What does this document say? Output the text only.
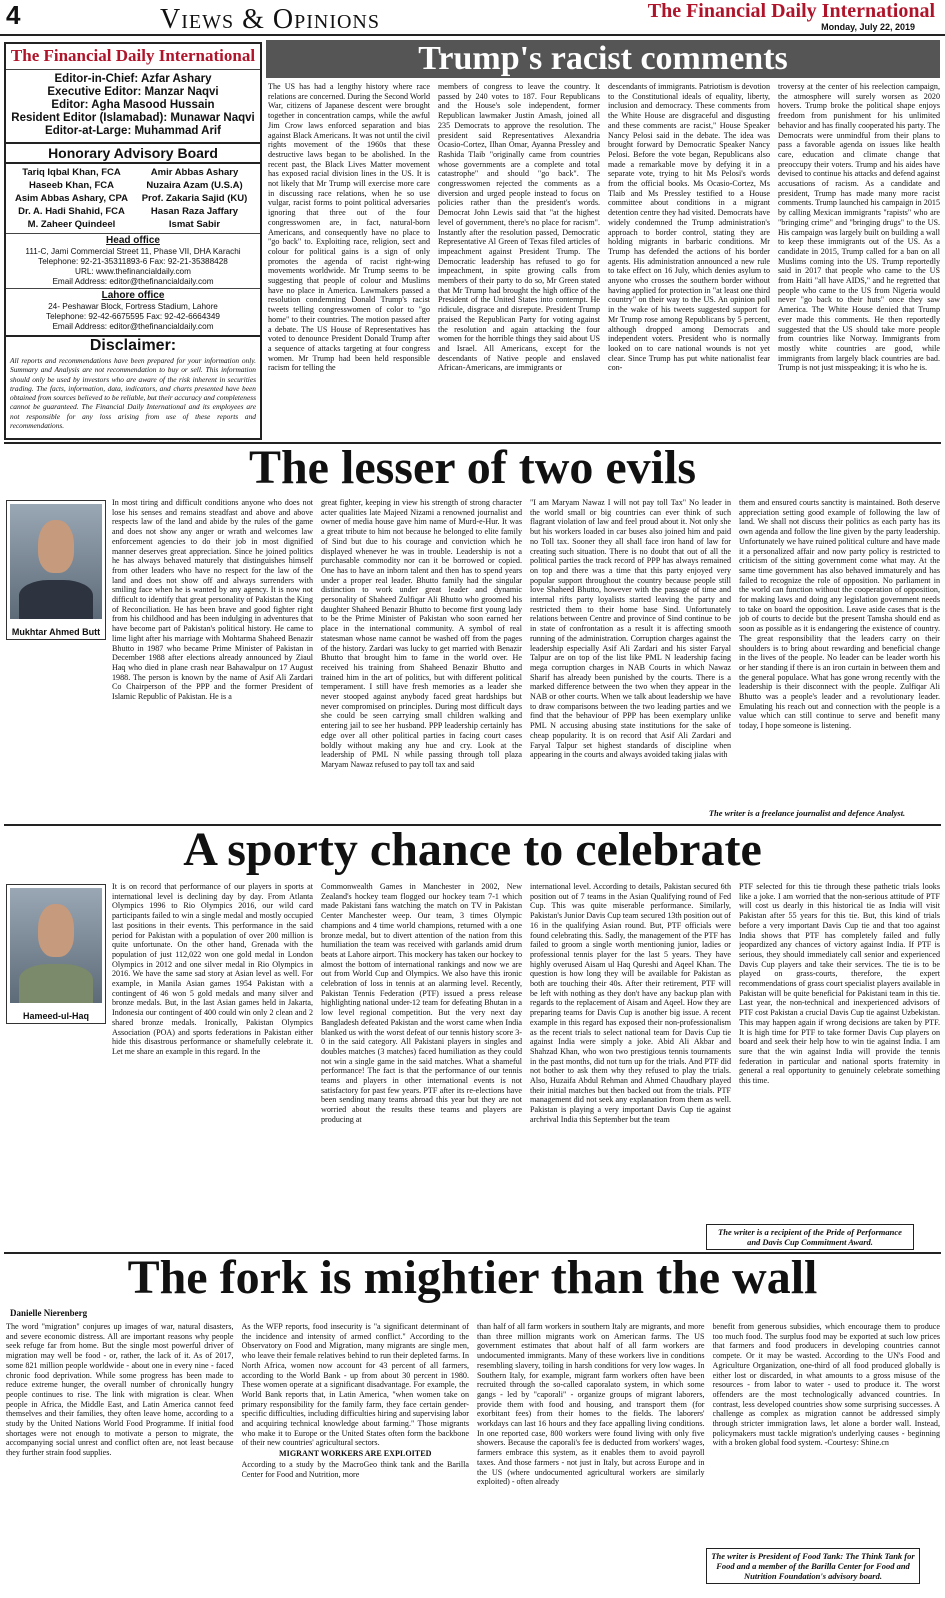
4	Views & Opinions	The Financial Daily International
Monday, July 22, 2019
The Financial Daily International
Editor-in-Chief: Azfar Ashary
Executive Editor: Manzar Naqvi
Editor: Agha Masood Hussain
Resident Editor (Islamabad): Munawar Naqvi
Editor-at-Large: Muhammad Arif
Honorary Advisory Board
Tariq Iqbal Khan, FCA	Amir Abbas Ashary
Haseeb Khan, FCA	Nuzaira Azam (U.S.A)
Asim Abbas Ashary, CPA	Prof. Zakaria Sajid (KU)
Dr. A. Hadi Shahid, FCA	Hasan Raza Jaffary
M. Zaheer Quindeel	Ismat Sabir
Head office
111-C, Jami Commercial Street 11, Phase VII, DHA Karachi
Telephone: 92-21-35311893-6 Fax: 92-21-35388428
URL: www.thefinancialdaily.com
Email Address: editor@thefinancialdaily.com
Lahore office
24- Peshawar Block, Fortress Stadium, Lahore
Telephone: 92-42-6675595 Fax: 92-42-6664349
Email Address: editor@thefinancialdaily.com
Disclaimer:
All reports and recommendations have been prepared for your information only. Summary and Analysis are not recommendation to buy or sell. This information should only be used by investors who are aware of the risk inherent in securities trading. The facts, information, data, indicators, and charts presented have been obtained from sources believed to be reliable, but their accuracy and completeness cannot be guaranteed. The Financial Daily International and its employees are not responsible for any loss arising from use of these reports and recommendations.
Trump's racist comments
The US has had a lengthy history where race relations are concerned. During the Second World War, citizens of Japanese descent were brought together in concentration camps, while the awful Jim Crow laws enforced separation and bias against Black Americans. It was not until the civil rights movement of the 1960s that these destructive laws began to be abolished. In the recent past, the Black Lives Matter movement has exposed racial division lines in the US. It is not likely that Mr Trump will exercise more care in discussing race relations, when he so use vulgar, racist forms to point political adversaries ignoring that three out of the four congresswomen are, in fact, natural-born Americans, and consequently have no place to "go back" to. Exploiting race, religion, sect and colour for political gains is a sign of only promotes the agenda of racist right-wing movements worldwide. Mr Trump seems to be suggesting that people of colour and Muslims have no place in America. Lawmakers passed a resolution condemning Donald Trump's racist tweets telling congresswomen of color to "go home" to their countries. The motion passed after a debate. The US House of Representatives has voted to denounce President Donald Trump after a sequence of attacks targeting at four congress women. Mr Trump had been held responsible racism for telling the
members of congress to leave the country. It passed by 240 votes to 187. Four Republicans and the House's sole independent, former Republican lawmaker Justin Amash, joined all 235 Democrats to approve the resolution. The president said Representatives Alexandria Ocasio-Cortez, Ilhan Omar, Ayanna Pressley and Rashida Tlaib "originally came from countries whose governments are a complete and total catastrophe" and should "go back". The congresswomen rejected the comments as a diversion and urged people instead to focus on policies rather than the president's words. Democrat John Lewis said that "at the highest level of government, there's no place for racism". Instantly after the resolution passed, Democratic Representative Al Green of Texas filed articles of impeachment against President Trump. The Democratic leadership has refused to go for impeachment, in spite growing calls from members of their party to do so, Mr Green stated that Mr Trump had brought the high office of the President of the United States into contempt. He ridicule, disgrace and disrepute. President Trump praised the Republican Party for voting against the resolution and again attacking the four women for the horrible things they said about US and Israel. All Americans, except for the descendants of Native people and enslaved African-Americans, are immigrants or
descendants of immigrants. Patriotism is devotion to the Constitutional ideals of equality, liberty, inclusion and democracy. These comments from the White House are disgraceful and disgusting and these comments are racist," House Speaker Nancy Pelosi said in the debate. The idea was brought forward by Democratic Speaker Nancy Pelosi. Before the vote began, Republicans also made a remarkable move by defying it in a separate vote, trying to hit Ms Pelosi's words from the official books. Ms Ocasio-Cortez, Ms Tlaib and Ms Pressley testified to a House committee about conditions in a migrant detention centre they had visited. Democrats have widely condemned the Trump administration's approach to border control, stating they are holding migrants in barbaric conditions. Mr Trump has defended the actions of his border agents. His administration announced a new rule to take effect on 16 July, which denies asylum to anyone who crosses the southern border without having applied for protection in "at least one third country" on their way to the US. An opinion poll in the wake of his tweets suggested support for Mr Trump rose among Republicans by 5 percent, although dropped among Democrats and independent voters. President who is normally looked on to care national wounds is not yet clear. Since Trump has put white nationalist fear con-
troversy at the center of his reelection campaign, the atmosphere will surely worsen as 2020 hovers. Trump broke the political shape enjoys freedom from punishment for his unlimited behavior and has finally cooperated his party. The Democrats were unmindful from their plans to pass a favorable agenda on issues like health care, education and climate change that preoccupy their voters. Trump and his aides have devised to continue his attacks and defend against accusations of racism. As a candidate and president, Trump has made many more racist comments. Trump launched his campaign in 2015 by calling Mexican immigrants "rapists" who are "bringing crime" and "bringing drugs" to the US. His campaign was largely built on building a wall to keep these immigrants out of the US. As a candidate in 2015, Trump called for a ban on all Muslims coming into the US. Trump reportedly said in 2017 that people who came to the US from Haiti "all have AIDS," and he regretted that people who came to the US from Nigeria would never "go back to their huts" once they saw America. The White House denied that Trump ever made this comments. He then reportedly suggested that the US should take more people from countries like Norway. Immigrants from mostly white countries are good, while immigrants from largely black countries are bad. Trump is not just misspeaking; it is who he is.
The lesser of two evils
Mukhtar Ahmed Butt
In most tiring and difficult conditions anyone who does not lose his senses and remains steadfast and above and above respects law of the land and abide by the rules of the game and does not show any anger or wrath and welcomes law enforcement agencies to do their job in most dignified manner deserves great appreciation. Since he joined politics he has always behaved maturely that distinguishes himself from other leaders who have no respect for the law of the land and does not show off and always surrenders with smiling face when he is wanted by any agency. It is now not difficult to identify that great personality of Pakistan the King of Reconciliation. He has been brave and good fighter right from his childhood and has been indulging in adventures that have become part of Pakistan's political history. He came to lime light after his marriage with Mohtarma Shaheed Benazir Bhutto in 1987 who became Prime Minister of Pakistan in December 1988 after elections already announced by Ziaul Haq who died in plane crash near Bahawalpur on 17 August 1988. The person is known by the name of Asif Ali Zardari Co Chairperson of the PPP and the former President of Islamic Republic of Pakistan. He is a
great fighter, keeping in view his strength of strong character acter qualities late Majeed Nizami a renowned journalist and owner of media house gave him name of Murd-e-Hur. It was a great tribute to him not because he belonged to elite family of Sind but due to his courage and conviction which he displayed whenever he was in trouble. Leadership is not a purchasable commodity nor can it be borrowed or copied. One has to have an inborn talent and then has to spend years under a proper real leader. Bhutto family had the singular distinction to work under great leader and dynamic personality of Shaheed Zulfiqar Ali Bhutto who groomed his daughter Shaheed Benazir Bhutto to become first young lady to be the Prime Minister of Pakistan who soon earned her place in the international community. A symbol of real statesman whose name cannot be washed off from the pages of the history. Zardari was lucky to get married with Benazir Bhutto that brought him to fame in the world over. He received his training from Shaheed Benazir Bhutto and trained him in the art of politics, but with different political temperament. I still have fresh memories as a leader she never stooped against anybody faced great hardships but never compromised on principles. During most difficult days she could be seen carrying small children walking and entering jail to see her husband. PPP leadership certainly has edge over all other political parties in facing court cases boldly without making any hue and cry. Look at the leadership of PML N while passing through toll plaza Maryam Nawaz refused to pay toll tax and said
"I am Maryam Nawaz I will not pay toll Tax" No leader in the world small or big countries can ever think of such flagrant violation of law and feel proud about it. Not only she but his workers loaded in car buses also joined him and paid no Toll tax. Sooner they all shall face iron hand of law for creating such situation. There is no doubt that out of all the political parties the track record of PPP has always remained on top and there was a time that this party enjoyed very popular support throughout the country because people still love Shaheed Bhutto, however with the passage of time and internal rifts party loyalists started leaving the party and restricted them to their home base Sind. Unfortunately relations between Centre and province of Sind continue to be in state of confrontation as a result it is affecting smooth running of the administration. Corruption charges against the leadership especially Asif Ali Zardari and his sister Faryal Talpur are on top of the list like PML N leadership facing mega corruption charges in NAB Courts in which Nawaz Sharif has already been punished by the courts. There is a marked difference between the two when they appear in the NAB or other courts. When we talk about leadership we have to draw comparisons between the two leading parties and we find that the behaviour of PPP has been exemplary unlike PML N accusing abusing state institutions for the sake of cheap popularity. It is on record that Asif Ali Zardari and Faryal Talpur set highest standards of discipline when appearing in the courts and always avoided taking jialas with
them and ensured courts sanctity is maintained. Both deserve appreciation setting good example of following the law of land. We shall not discuss their politics as each party has its own agenda and follow the line given by the party leadership. Unfortunately we have ruined political culture and have made it a personalized affair and now party policy is restricted to criticism of the sitting government come what may. At the same time government has also behaved immaturely and has failed to recognize the role of opposition. No parliament in the world can function without the cooperation of opposition, for making laws and doing any legislation government needs to take on board the opposition. Leave aside cases that is the job of courts to decide but the present Tamsha should end as soon as possible as it is endangering the existence of country. The great responsibility that the leaders carry on their shoulders is to bring about rewarding and beneficial change in the lives of the people. No leader can be leader worth his or her standing if there is an iron curtain in between them and the general populace. What has gone wrong recently with the leadership is their disconnect with the people. Zulfiqar Ali Bhutto was a people's leader and a revolutionary leader. Emulating his reach out and connection with the people is a value which can still continue to serve and benefit many today, I hope someone is listening.
The writer is a freelance journalist and defence Analyst.
A sporty chance to celebrate
Hameed-ul-Haq
It is on record that performance of our players in sports at international level is declining day by day. From Atlanta Olympics 1996 to Rio Olympics 2016, our wild card participants failed to win a single medal and mostly occupied last positions in their events. This performance in the said period for Pakistan with a population of over 200 million is quite unfortunate. On the other hand, Grenada with the population of just 112,022 won one gold medal in London Olympics in 2012 and one silver medal in Rio Olympics in 2016. We have the same sad story at Asian level as well. For example, in Manila Asian games 1954 Pakistan with a contingent of 46 won 5 gold medals and many silver and bronze medals. But, in the last Asian games held in Jakarta, Indonesia our contingent of 400 could win only 2 clean and 2 shared bronze medals. Ironically, Pakistan Olympics Association (POA) and sports federations in Pakistan either hide this disastrous performance or shamefully celebrate it. Let me share an example in this regard. In the
Commonwealth Games in Manchester in 2002, New Zealand's hockey team flogged our hockey team 7-1 which made Pakistani fans watching the match on TV in Pakistan Center Manchester weep. Our team, 3 times Olympic champions and 4 time world champions, returned with a one bronze medal, but to divert attention of the nation from this humiliation the team was received with garlands amid drum beats at Lahore airport. This mockery has taken our hockey to almost the bottom of international rankings and now we are out from World Cup and Olympics. We also have this ironic celebration of loss in tennis at an alarming level. Recently, Pakistan Tennis Federation (PTF) issued a press release highlighting national under-12 team for defeating Bhutan in a low level regional competition. But the very next day Bangladesh defeated Pakistan and the worst came when India blanked us with the worst defeat of our tennis history score 3-0 in the said category. All Pakistani players in singles and doubles matches (3 matches) faced humiliation as they could not win a single game in the said matches. What a shameful performance! The fact is that the performance of our tennis teams and players in other international events is not satisfactory for past few years. PTF after its re-elections have been sending many teams abroad this year but they are not worried about the results these teams and players are producing at
international level. According to details, Pakistan secured 6th position out of 7 teams in the Asian Qualifying round of Fed Cup. This was quite miserable performance. Similarly, Pakistan's Junior Davis Cup team secured 13th position out of 16 in the qualifying Asian round. But, PTF officials were found celebrating this. Sadly, the management of the PTF has failed to groom a single worth mentioning junior, ladies or professional tennis player for the last 5 years. They have highly overused Aisam ul Haq Qureshi and Aqeel Khan. The question is how long they will be available for Pakistan as both are touching their 40s. After their retirement, PTF will be left with nothing as they don't have any backup plan with regards to the replacement of Aisam and Aqeel. How they are preparing teams for Davis Cup is another big issue. A recent example in this regard has exposed their non-professionalism as the recent trials to select national team for Davis Cup tie against India were simply a joke. Abid Ali Akbar and Shahzad Khan, who won two prestigious tennis tournaments in the past months, did not turn up for the trials. And PTF did not bother to ask them why they refused to play the trials. Also, Huzaifa Abdul Rehman and Ahmed Chaudhary played their initial matches but then backed out from the trials. PTF management did not seek any explanation from them as well. Pakistan is playing a very important Davis Cup tie against archrival India this September but the team
PTF selected for this tie through these pathetic trials looks like a joke. I am worried that the non-serious attitude of PTF will cost us dearly in this historical tie as India will visit Pakistan after 55 years for this tie. But, this kind of trials before a very important Davis Cup tie and that too against India shows that PTF has completely failed and fully jeopardized any chances of victory against India. If PTF is serious, they should immediately call senior and experienced Davis Cup players and take their services. The tie is to be played on grass-courts, therefore, the expert recommendations of grass court specialist players available in Pakistan will be quite beneficial for Pakistani team in this tie. Last year, the non-technical and inexperienced advisors of PTF cost Pakistan a crucial Davis Cup tie against Uzbekistan. This may happen again if wrong decisions are taken by PTF. It is high time for PTF to take former Davis Cup players on board and seek their help how to win tie against India. I am sure that the win against India will provide the tennis federation in particular and national sports fraternity in general a real opportunity to genuinely celebrate something this time.
The writer is a recipient of the Pride of Performance and Davis Cup Commitment Award.
The fork is mightier than the wall
Danielle Nierenberg
The word "migration" conjures up images of war, natural disasters, and severe economic distress. All are important reasons why people seek refuge far from home. But the single most powerful driver of migration may well be food - or, rather, the lack of it. As of 2017, some 821 million people worldwide - about one in every nine - faced chronic food deprivation. While some progress has been made to reduce extreme hunger, the overall number of chronically hungry people continues to rise. The link with migration is clear. When people in Africa, the Middle East, and Latin America cannot feed themselves and their families, they often leave home, according to a study by the United Nations World Food Programme. If initial food shortages were not enough to motivate a person to migrate, the accompanying social unrest and conflict often are, not least because they further strain food supplies.

As the WFP reports, food insecurity is "a significant determinant of the incidence and intensity of armed conflict." According to the Observatory on Food and Migration, many migrants are single men, who leave their female relatives behind to run their depleted farms. In North Africa, women now account for 43 percent of all farmers, according to the World Bank - up from about 30 percent in 1980. These women operate at a significant disadvantage. For example, the World Bank reports that, in Latin America, "when women take on primary responsibility for the family farm, they face certain gender-specific difficulties, including difficulties hiring and supervising labor and acquiring technical knowledge about farming." Those migrants who make it to Europe or the United States often form the backbone of their new countries' agricultural sectors.

MIGRANT WORKERS ARE EXPLOITED

According to a study by the MacroGeo think tank and the Barilla Center for Food and Nutrition, more

than half of all farm workers in southern Italy are migrants, and more than three million migrants work on American farms. The US government estimates that about half of all farm workers are undocumented immigrants. Many of these workers live in conditions resembling slavery, toiling in harsh conditions for very low wages. In Southern Italy, for example, migrant farm workers often have been recruited through the so-called caporalato system, in which some gangs - led by "caporali" - organize groups of migrant laborers, provide them with food and housing, and transport them (for exorbitant fees) from their homes to the fields. The laborers' workdays can last 16 hours and they face appalling living conditions. In one reported case, 800 workers were found living with only five showers. Because the caporali's fee is deducted from workers' wages, farmers embrace this system, as it enables them to avoid payroll taxes. And those farmers - not just in Italy, but across Europe and in the US (where undocumented agricultural workers are similarly exploited) - often already
benefit from generous subsidies, which encourage them to produce too much food. The surplus food may be exported at such low prices that farmers and food producers in developing countries cannot compete. Or it may be wasted. According to the UN's Food and Agriculture Organization, one-third of all food produced globally is either lost or discarded, in what amounts to a gross misuse of the resources - from labor to water - used to produce it. The worst offenders are the most technologically advanced countries. In contrast, less developed countries show some surprising successes. A challenge as complex as migration cannot be addressed simply through stricter immigration laws, let alone a border wall. Instead, policymakers must tackle migration's underlying causes - beginning with a broken global food system. -Courtesy: Shine.cn
The writer is President of Food Tank: The Think Tank for Food and a member of the Barilla Center for Food and Nutrition Foundation's advisory board.
